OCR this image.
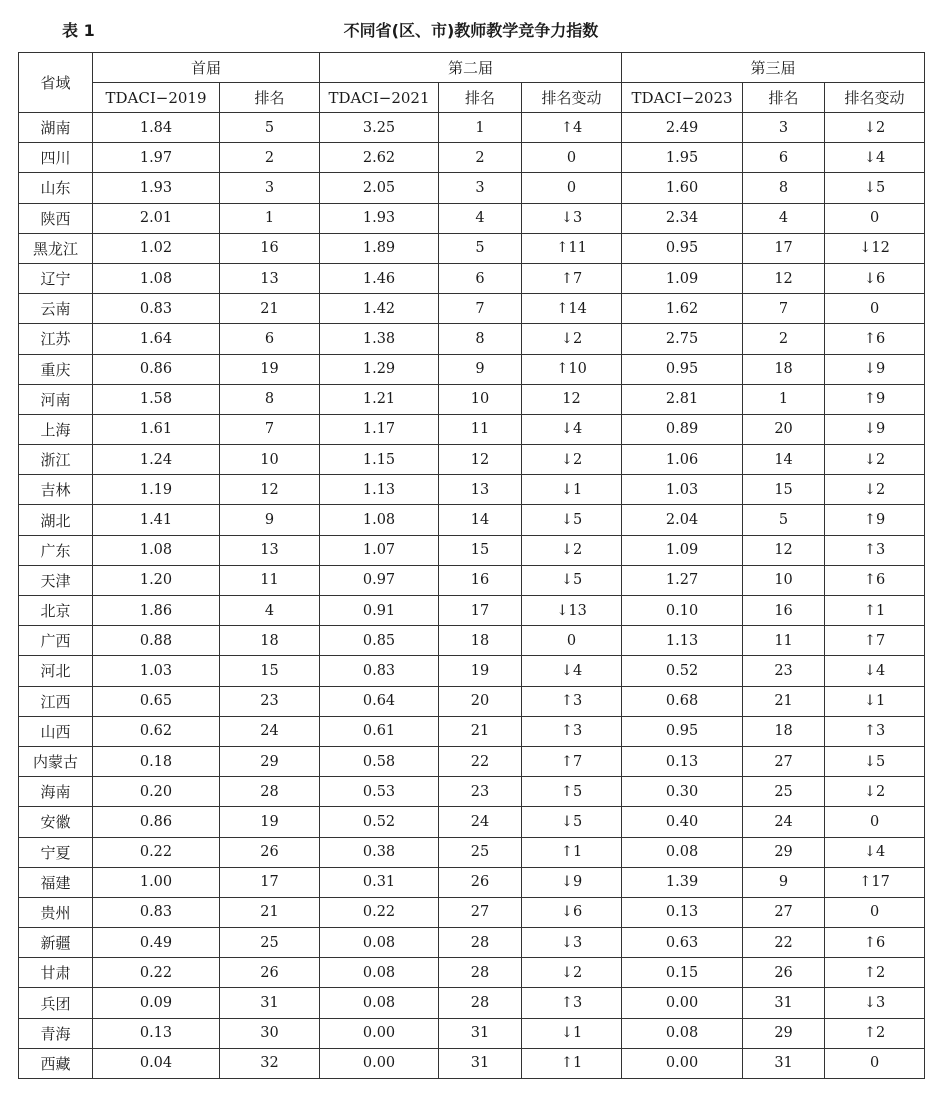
表 1	不同省(区、市)教师教学竞争力指数
省域	首届		第二届			第三届		
	TDACI−2019	排名	TDACI−2021	排名	排名变动	TDACI−2023	排名	排名变动
湖南	1.84	5	3.25	1	↑4	2.49	3	↓2
四川	1.97	2	2.62	2	0	1.95	6	↓4
山东	1.93	3	2.05	3	0	1.60	8	↓5
陕西	2.01	1	1.93	4	↓3	2.34	4	0
黑龙江	1.02	16	1.89	5	↑11	0.95	17	↓12
辽宁	1.08	13	1.46	6	↑7	1.09	12	↓6
云南	0.83	21	1.42	7	↑14	1.62	7	0
江苏	1.64	6	1.38	8	↓2	2.75	2	↑6
重庆	0.86	19	1.29	9	↑10	0.95	18	↓9
河南	1.58	8	1.21	10	12	2.81	1	↑9
上海	1.61	7	1.17	11	↓4	0.89	20	↓9
浙江	1.24	10	1.15	12	↓2	1.06	14	↓2
吉林	1.19	12	1.13	13	↓1	1.03	15	↓2
湖北	1.41	9	1.08	14	↓5	2.04	5	↑9
广东	1.08	13	1.07	15	↓2	1.09	12	↑3
天津	1.20	11	0.97	16	↓5	1.27	10	↑6
北京	1.86	4	0.91	17	↓13	0.10	16	↑1
广西	0.88	18	0.85	18	0	1.13	11	↑7
河北	1.03	15	0.83	19	↓4	0.52	23	↓4
江西	0.65	23	0.64	20	↑3	0.68	21	↓1
山西	0.62	24	0.61	21	↑3	0.95	18	↑3
内蒙古	0.18	29	0.58	22	↑7	0.13	27	↓5
海南	0.20	28	0.53	23	↑5	0.30	25	↓2
安徽	0.86	19	0.52	24	↓5	0.40	24	0
宁夏	0.22	26	0.38	25	↑1	0.08	29	↓4
福建	1.00	17	0.31	26	↓9	1.39	9	↑17
贵州	0.83	21	0.22	27	↓6	0.13	27	0
新疆	0.49	25	0.08	28	↓3	0.63	22	↑6
甘肃	0.22	26	0.08	28	↓2	0.15	26	↑2
兵团	0.09	31	0.08	28	↑3	0.00	31	↓3
青海	0.13	30	0.00	31	↓1	0.08	29	↑2
西藏	0.04	32	0.00	31	↑1	0.00	31	0
